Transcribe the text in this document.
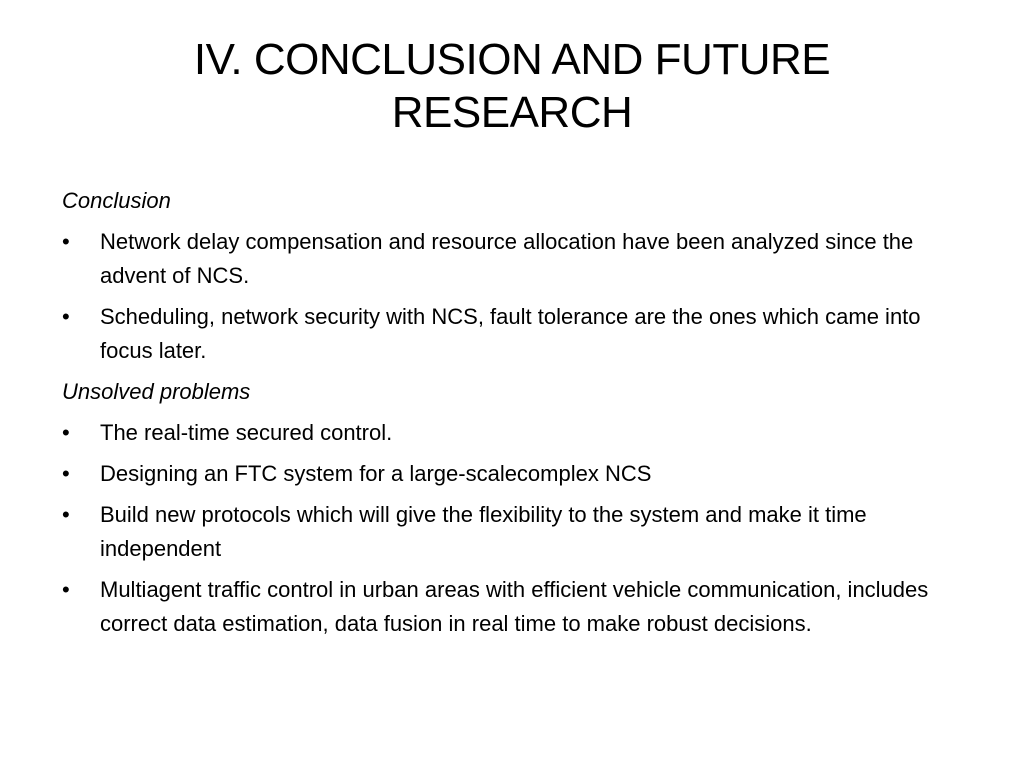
IV. CONCLUSION AND FUTURE RESEARCH
Conclusion
•	Network delay compensation and resource allocation have been analyzed since the advent of NCS.
•	Scheduling, network security with NCS, fault tolerance are the ones which came into focus later.
Unsolved problems
•	The real-time secured control.
•	Designing an FTC system for a large-scalecomplex NCS
•	Build new protocols which will give the flexibility to the system and make it time independent
•	Multiagent traffic control in urban areas with efficient vehicle communication, includes correct data estimation, data fusion in real time to make robust decisions.
